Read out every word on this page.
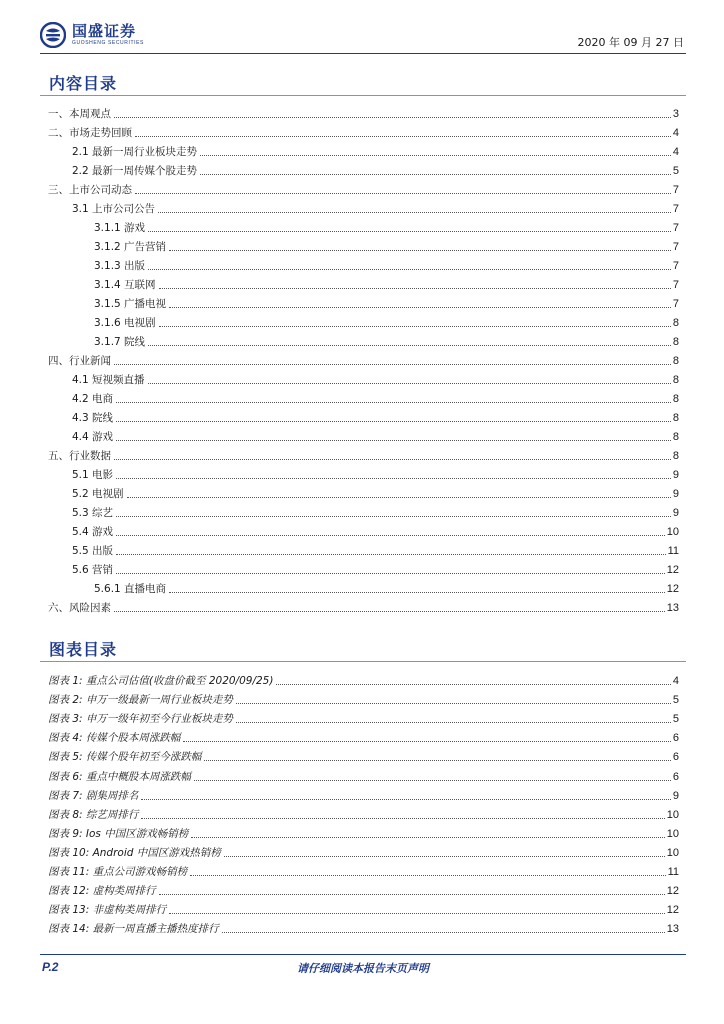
国盛证券
GUOSHENG SECURITIES	2020 年 09 月 27 日
内容目录
一、本周观点	3
二、市场走势回顾	4
2.1 最新一周行业板块走势	4
2.2 最新一周传媒个股走势	5
三、上市公司动态	7
3.1 上市公司公告	7
3.1.1 游戏	7
3.1.2 广告营销	7
3.1.3 出版	7
3.1.4 互联网	7
3.1.5 广播电视	7
3.1.6 电视剧	8
3.1.7 院线	8
四、行业新闻	8
4.1 短视频直播	8
4.2 电商	8
4.3 院线	8
4.4 游戏	8
五、行业数据	8
5.1 电影	9
5.2 电视剧	9
5.3 综艺	9
5.4 游戏	10
5.5 出版	11
5.6 营销	12
5.6.1 直播电商	12
六、风险因素	13
图表目录
图表 1: 重点公司估值(收盘价截至 2020/09/25)	4
图表 2: 申万一级最新一周行业板块走势	5
图表 3: 申万一级年初至今行业板块走势	5
图表 4: 传媒个股本周涨跌幅	6
图表 5: 传媒个股年初至今涨跌幅	6
图表 6: 重点中概股本周涨跌幅	6
图表 7: 剧集周排名	9
图表 8: 综艺周排行	10
图表 9: Ios 中国区游戏畅销榜	10
图表 10: Android 中国区游戏热销榜	10
图表 11: 重点公司游戏畅销榜	11
图表 12: 虚构类周排行	12
图表 13: 非虚构类周排行	12
图表 14: 最新一周直播主播热度排行	13
P.2	请仔细阅读本报告末页声明
